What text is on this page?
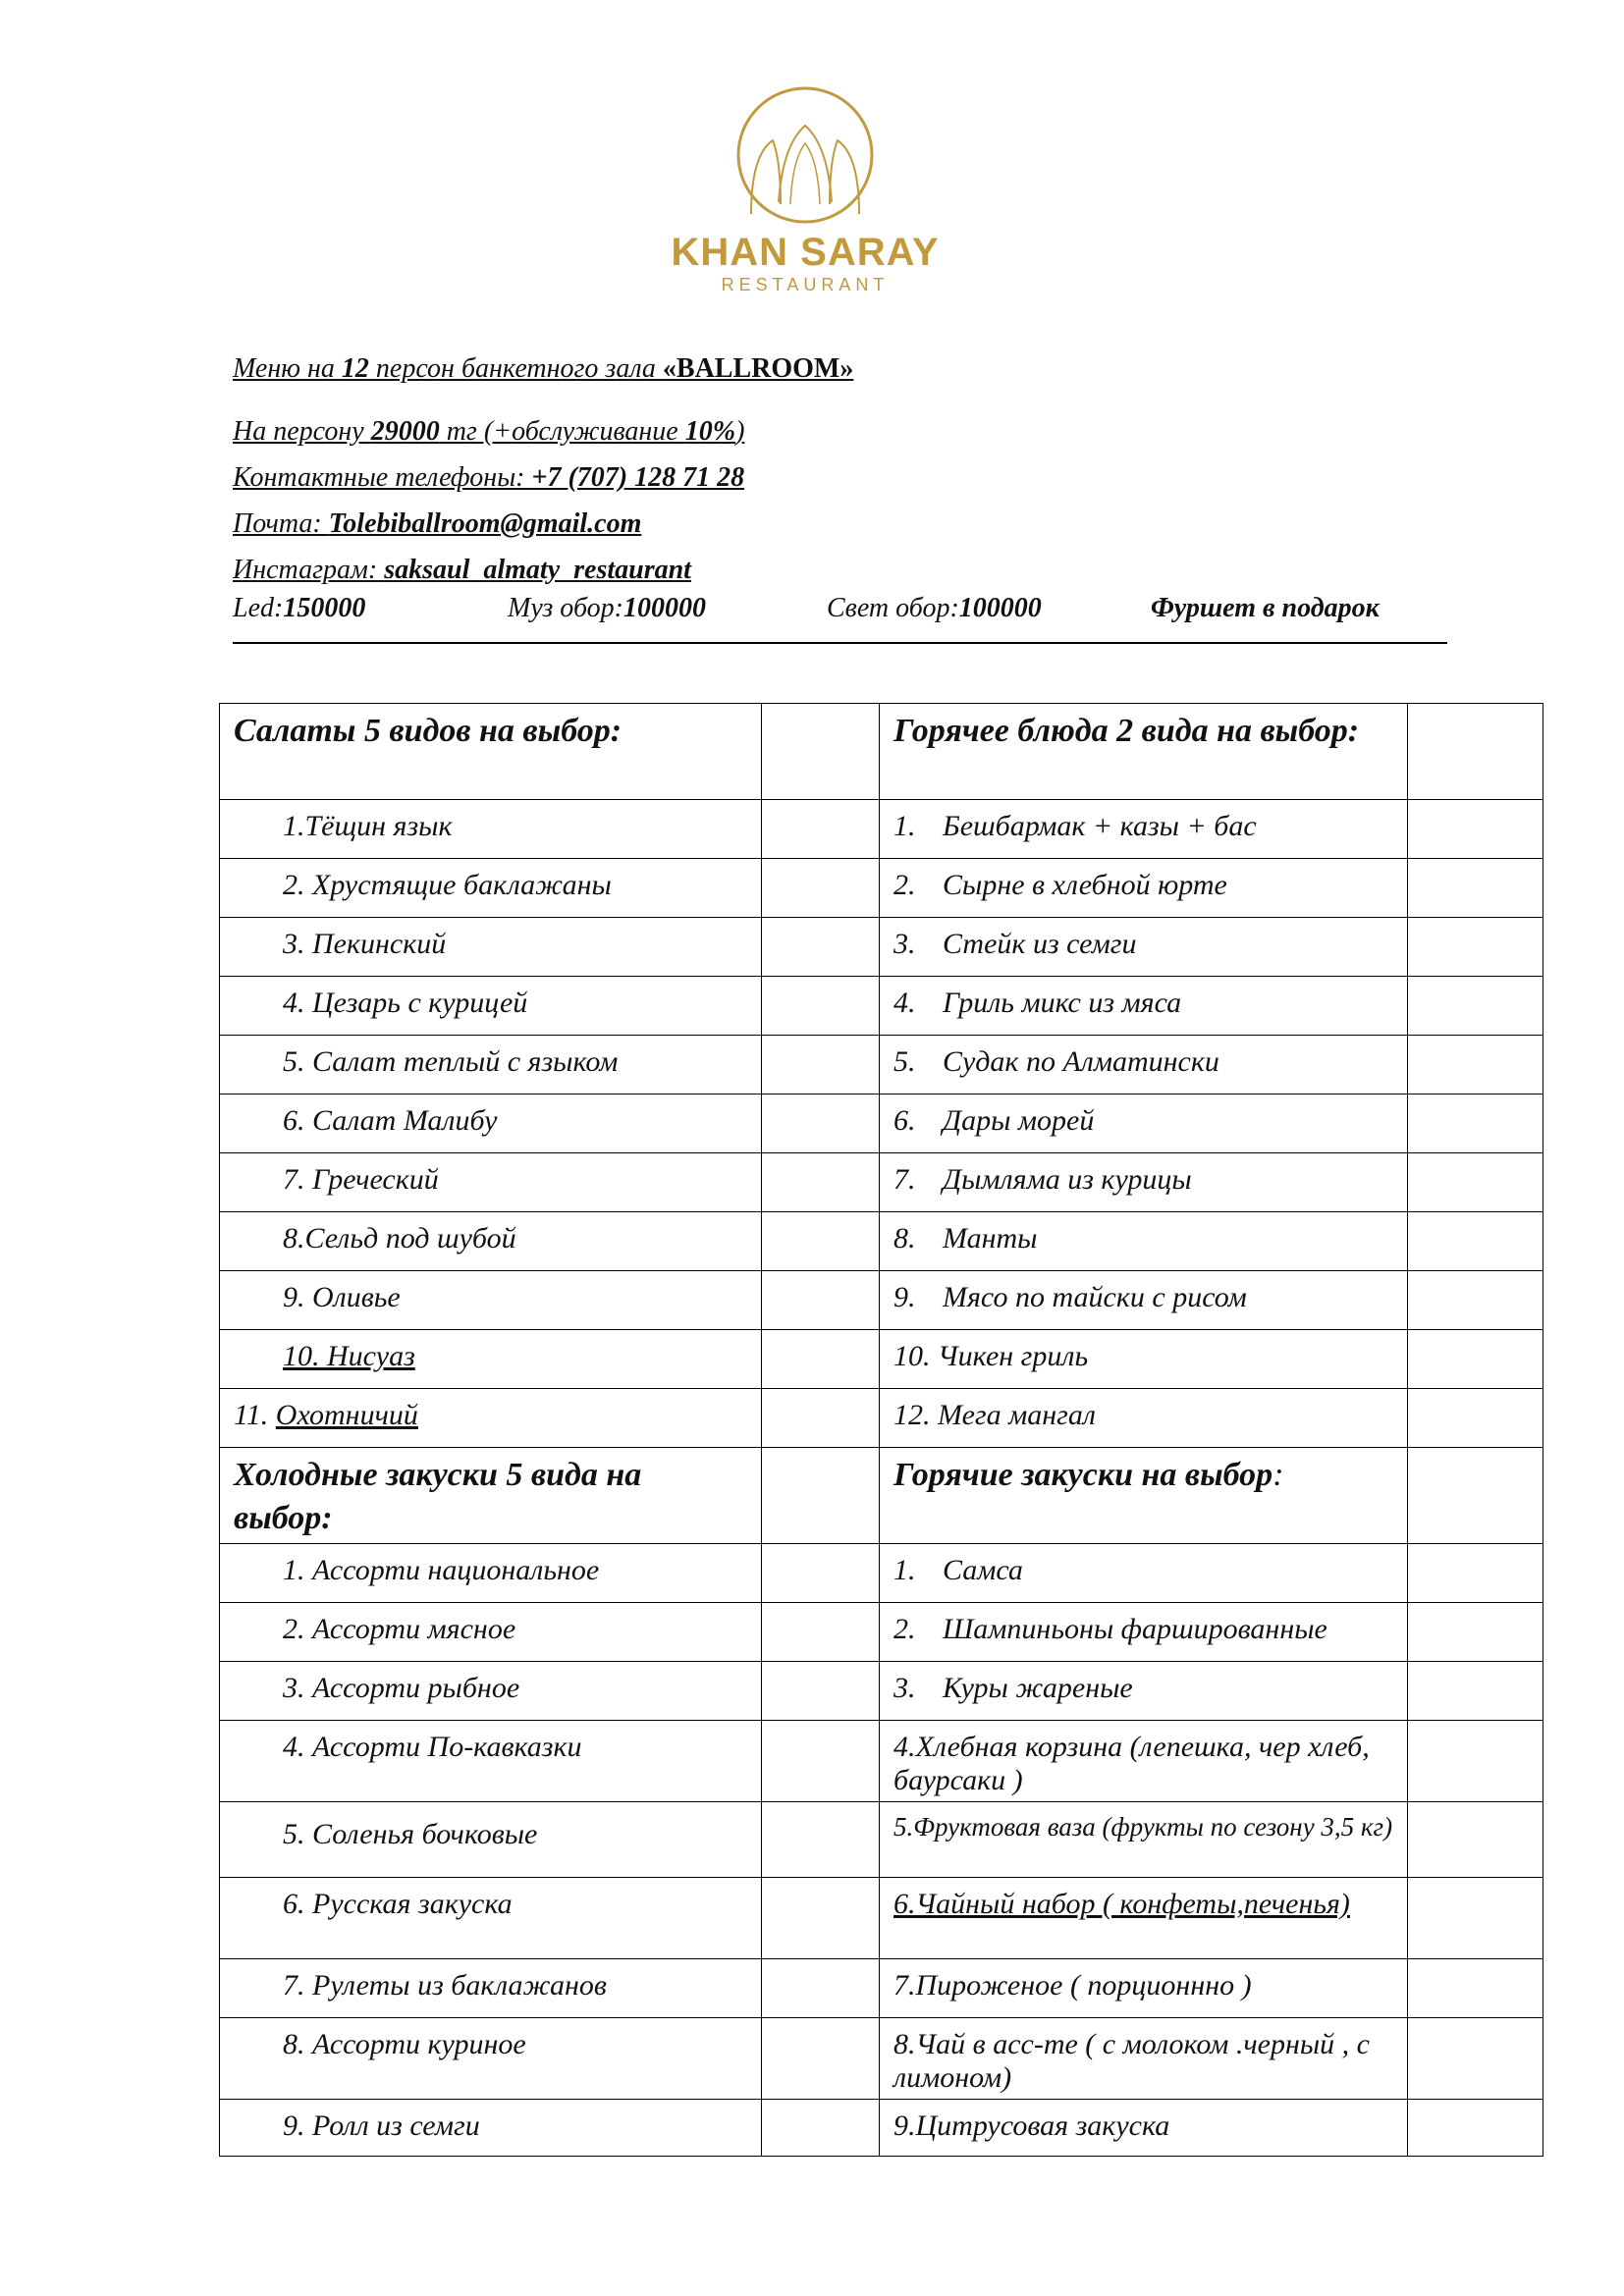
KHAN SARAY
RESTAURANT
Меню на 12 персон банкетного зала «BALLROOM»
На персону 29000 тг (+обслуживание 10%)
Контактные телефоны: +7 (707) 128 71 28
Почта: Tolebiballroom@gmail.com
Инстаграм: saksaul_almaty_restaurant
Led:150000	Муз обор:100000	Свет обор:100000	Фуршет в подарок
Салаты 5 видов на выбор:		Горячее блюда 2 вида на выбор:	

1.Тёщин язык		1. Бешбармак + казы + бас	

2. Хрустящие баклажаны		2. Сырне в хлебной юрте	

3. Пекинский		3. Стейк из семги	

4. Цезарь с курицей		4. Гриль микс из мяса	

5. Салат теплый с языком		5. Судак по Алматински	

6. Салат Малибу		6. Дары морей	

7. Греческий		7. Дымляма из курицы	

8.Сельд под шубой		8. Манты	

9. Оливье		9. Мясо по тайски с рисом	

10. Нисуаз		10. Чикен гриль	

11. Охотничий		12. Мега мангал	

Холодные закуски 5 вида на выбор:		Горячие закуски на выбор:	

1. Ассорти национальное		1. Самса	

2. Ассорти мясное		2. Шампиньоны фаршированные	

3. Ассорти рыбное		3. Куры жареные	

4. Ассорти По-кавказки		4.Хлебная корзина (лепешка, чер хлеб, баурсаки )	

5. Соленья бочковые		5.Фруктовая ваза (фрукты по сезону 3,5 кг)	

6. Русская закуска		6.Чайный набор ( конфеты,печенья)	

7. Рулеты из баклажанов		7.Пироженое ( порционнно )	

8. Ассорти куриное		8.Чай в асс-те ( с молоком .черный , с лимоном)	

9. Ролл из семги		9.Цитрусовая закуска	
